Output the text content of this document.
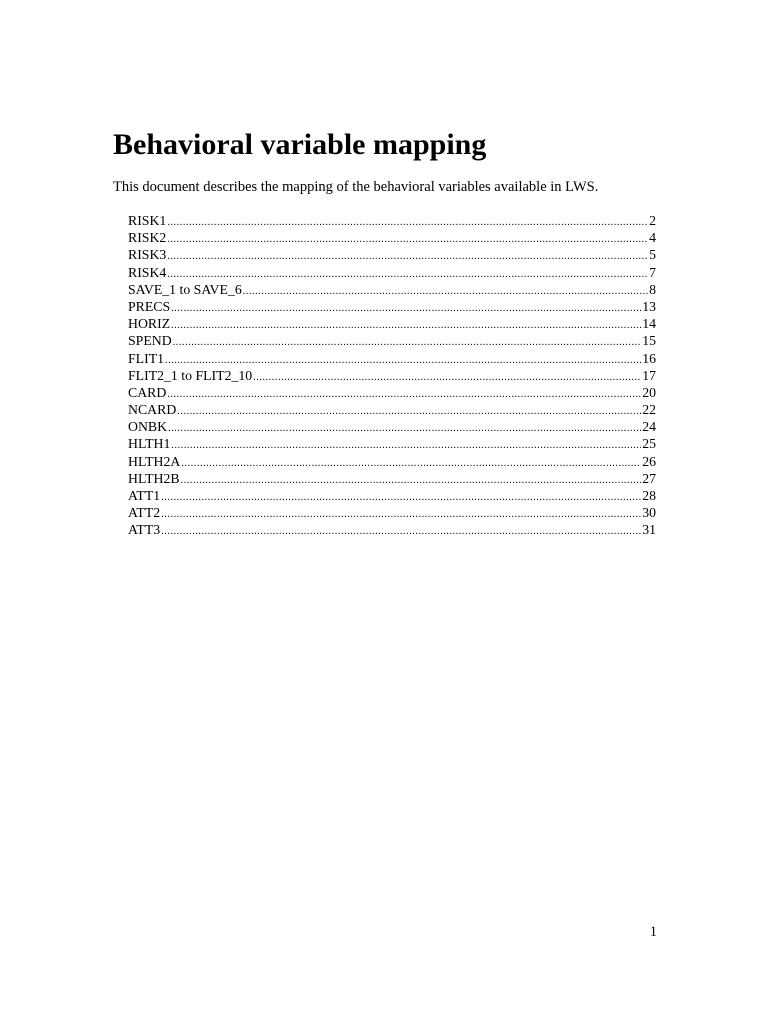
Behavioral variable mapping

This document describes the mapping of the behavioral variables available in LWS.

RISK1 .....	2
RISK2 .....	4
RISK3 .....	5
RISK4 .....	7
SAVE_1 to SAVE_6 .....	8
PRECS .....	13
HORIZ .....	14
SPEND .....	15
FLIT1 .....	16
FLIT2_1 to FLIT2_10 .....	17
CARD .....	20
NCARD .....	22
ONBK .....	24
HLTH1 .....	25
HLTH2A .....	26
HLTH2B .....	27
ATT1 .....	28
ATT2 .....	30
ATT3 .....	31
1
